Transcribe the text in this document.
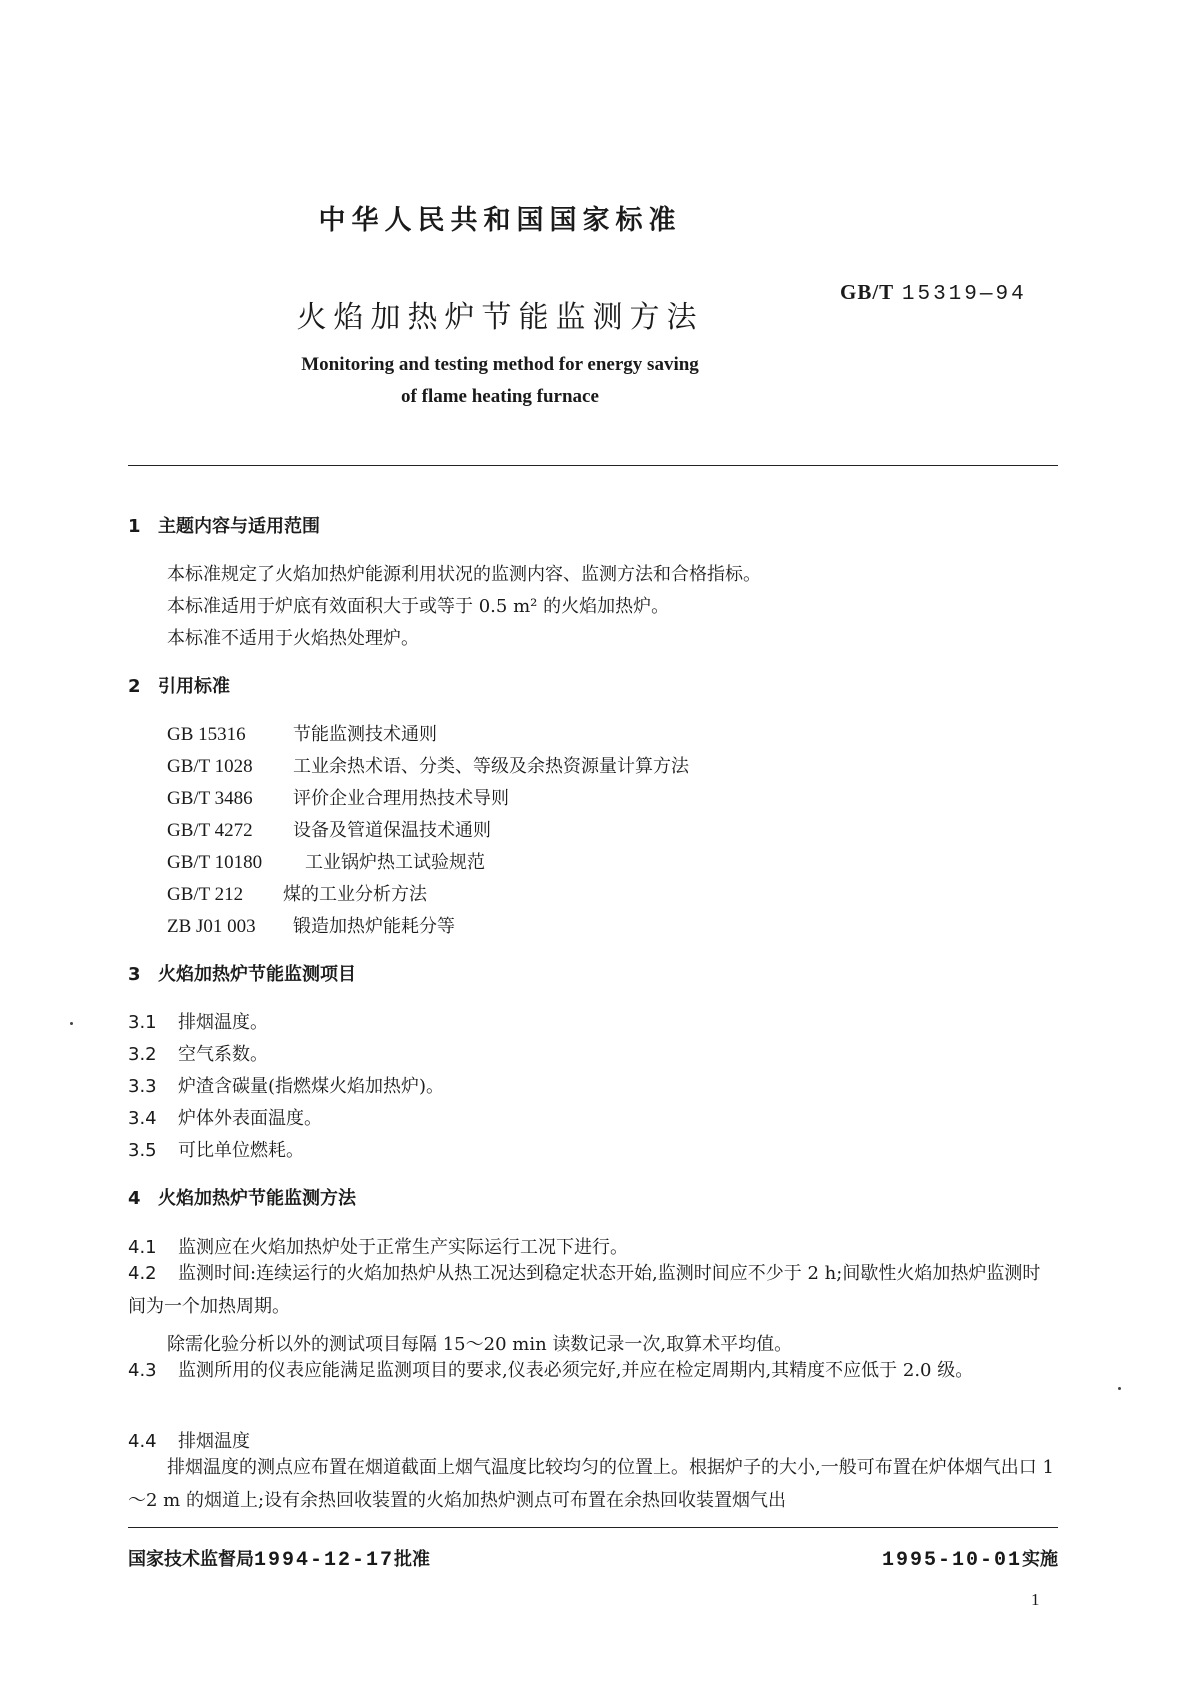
中华人民共和国国家标准
火焰加热炉节能监测方法
GB/T 15319—94
Monitoring and testing method for energy saving
of flame heating furnace
1 主题内容与适用范围
本标准规定了火焰加热炉能源利用状况的监测内容、监测方法和合格指标。
本标准适用于炉底有效面积大于或等于 0.5 m² 的火焰加热炉。
本标准不适用于火焰热处理炉。
2 引用标准
GB 15316	节能监测技术通则
GB/T 1028 工业余热术语、分类、等级及余热资源量计算方法
GB/T 3486 评价企业合理用热技术导则
GB/T 4272 设备及管道保温技术通则
GB/T 10180 工业锅炉热工试验规范
GB/T 212 煤的工业分析方法
ZB J01 003 锻造加热炉能耗分等
3 火焰加热炉节能监测项目
3.1 排烟温度。
3.2 空气系数。
3.3 炉渣含碳量(指燃煤火焰加热炉)。
3.4 炉体外表面温度。
3.5 可比单位燃耗。
4 火焰加热炉节能监测方法
4.1 监测应在火焰加热炉处于正常生产实际运行工况下进行。
4.2 监测时间:连续运行的火焰加热炉从热工况达到稳定状态开始,监测时间应不少于 2 h;间歇性火焰加热炉监测时间为一个加热周期。
除需化验分析以外的测试项目每隔 15～20 min 读数记录一次,取算术平均值。
4.3 监测所用的仪表应能满足监测项目的要求,仪表必须完好,并应在检定周期内,其精度不应低于 2.0 级。
4.4 排烟温度
排烟温度的测点应布置在烟道截面上烟气温度比较均匀的位置上。根据炉子的大小,一般可布置在炉体烟气出口 1～2 m 的烟道上;设有余热回收装置的火焰加热炉测点可布置在余热回收装置烟气出
国家技术监督局1994-12-17批准	1995-10-01实施
1
